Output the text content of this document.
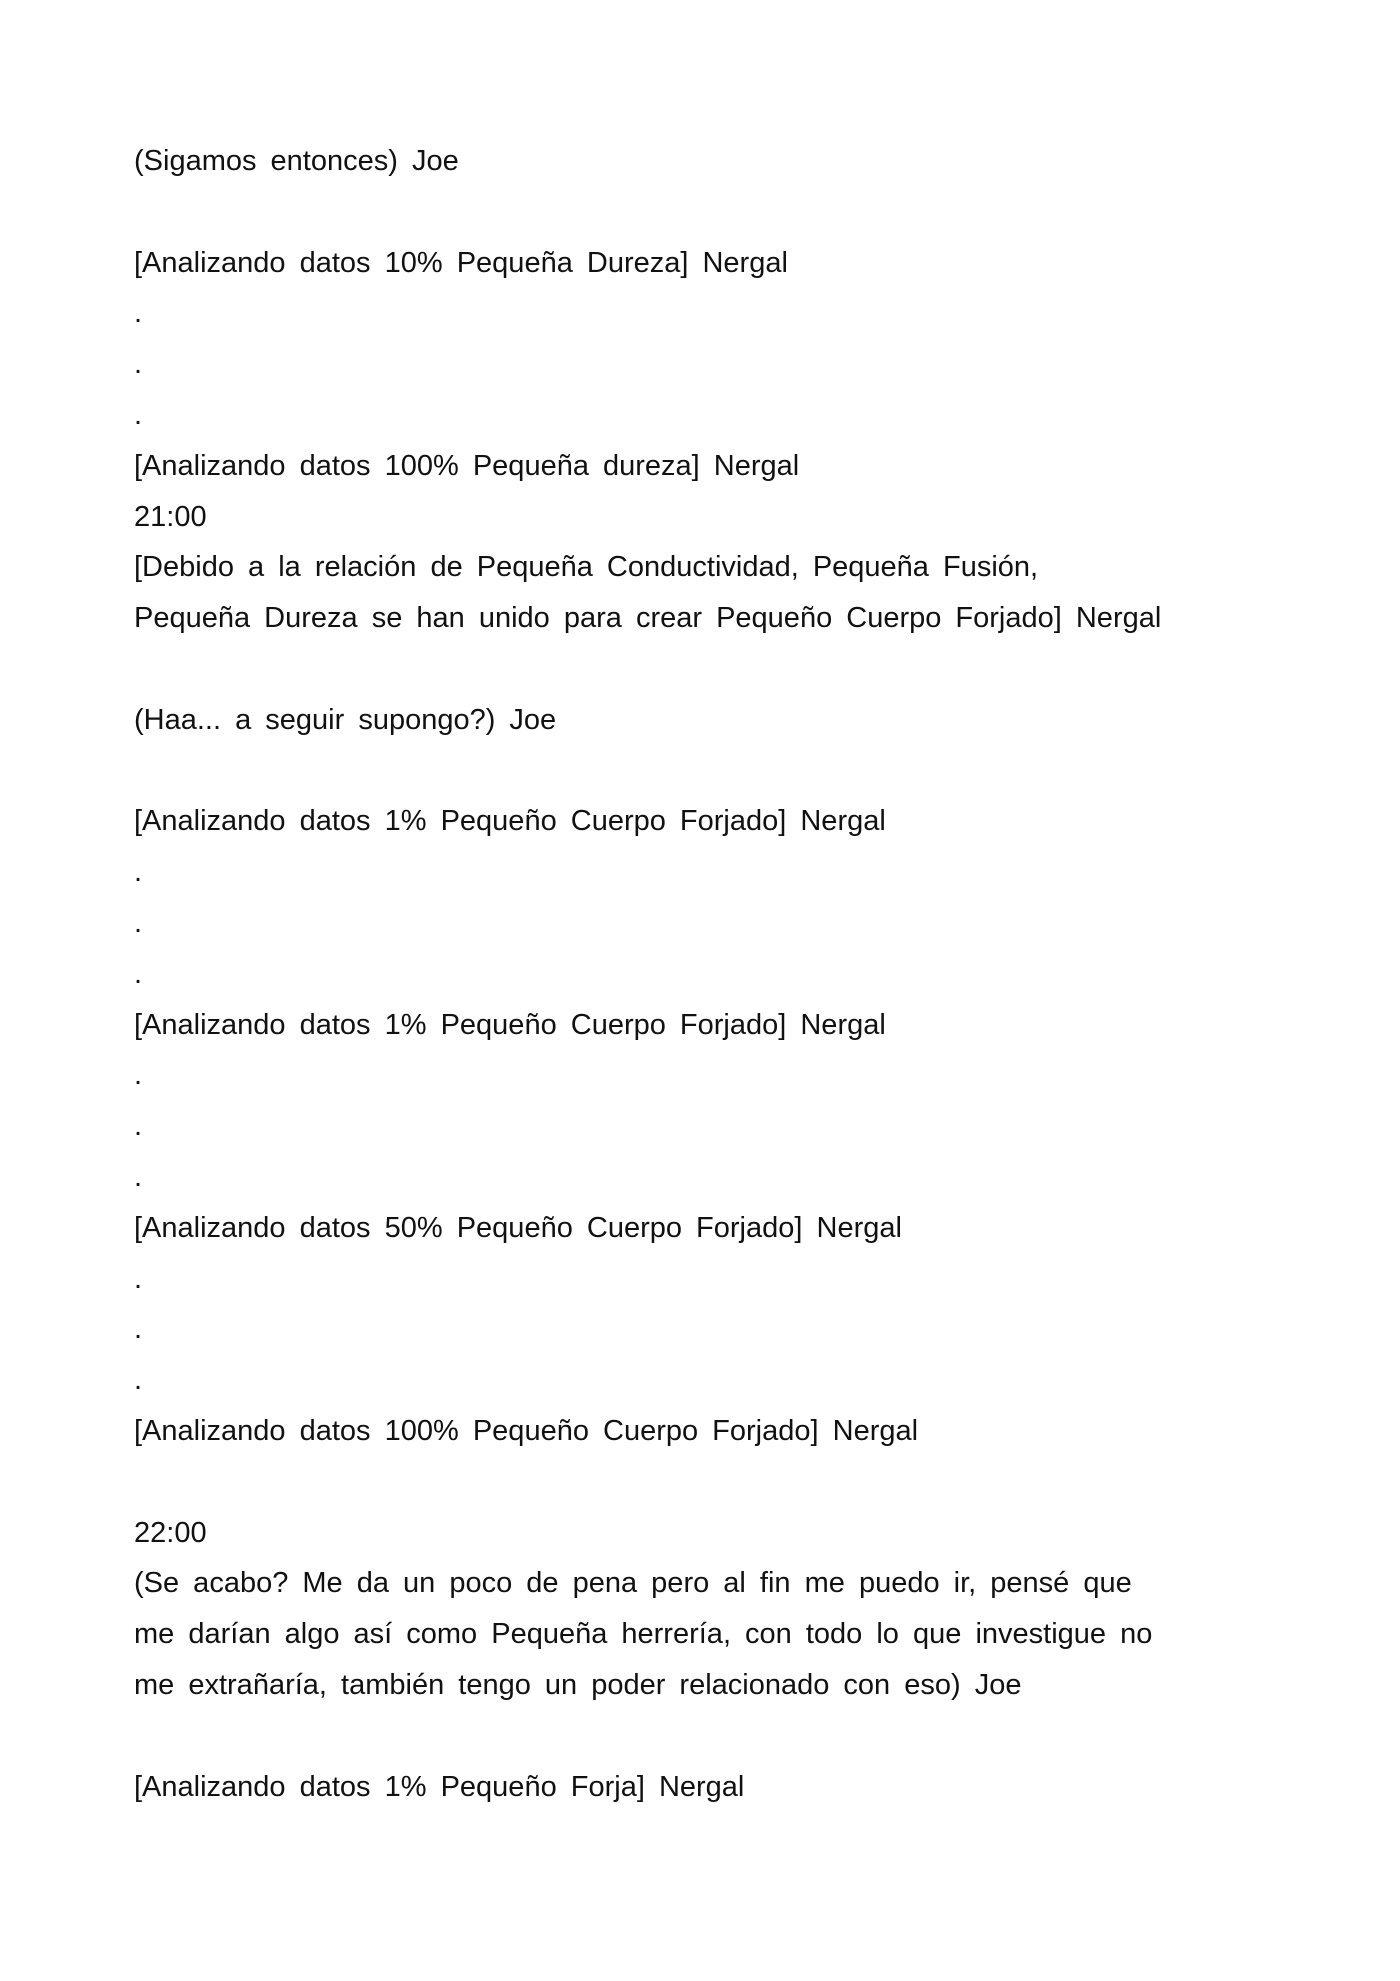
(Sigamos entonces) Joe
[Analizando datos 10% Pequeña Dureza] Nergal
.
.
.
[Analizando datos 100% Pequeña dureza] Nergal
21:00
[Debido a la relación de Pequeña Conductividad, Pequeña Fusión,
Pequeña Dureza se han unido para crear Pequeño Cuerpo Forjado] Nergal
(Haa... a seguir supongo?) Joe
[Analizando datos 1% Pequeño Cuerpo Forjado] Nergal
.
.
.
[Analizando datos 1% Pequeño Cuerpo Forjado] Nergal
.
.
.
[Analizando datos 50% Pequeño Cuerpo Forjado] Nergal
.
.
.
[Analizando datos 100% Pequeño Cuerpo Forjado] Nergal
22:00
(Se acabo? Me da un poco de pena pero al fin me puedo ir, pensé que
me darían algo así como Pequeña herrería, con todo lo que investigue no
me extrañaría, también tengo un poder relacionado con eso) Joe
[Analizando datos 1% Pequeño Forja] Nergal
